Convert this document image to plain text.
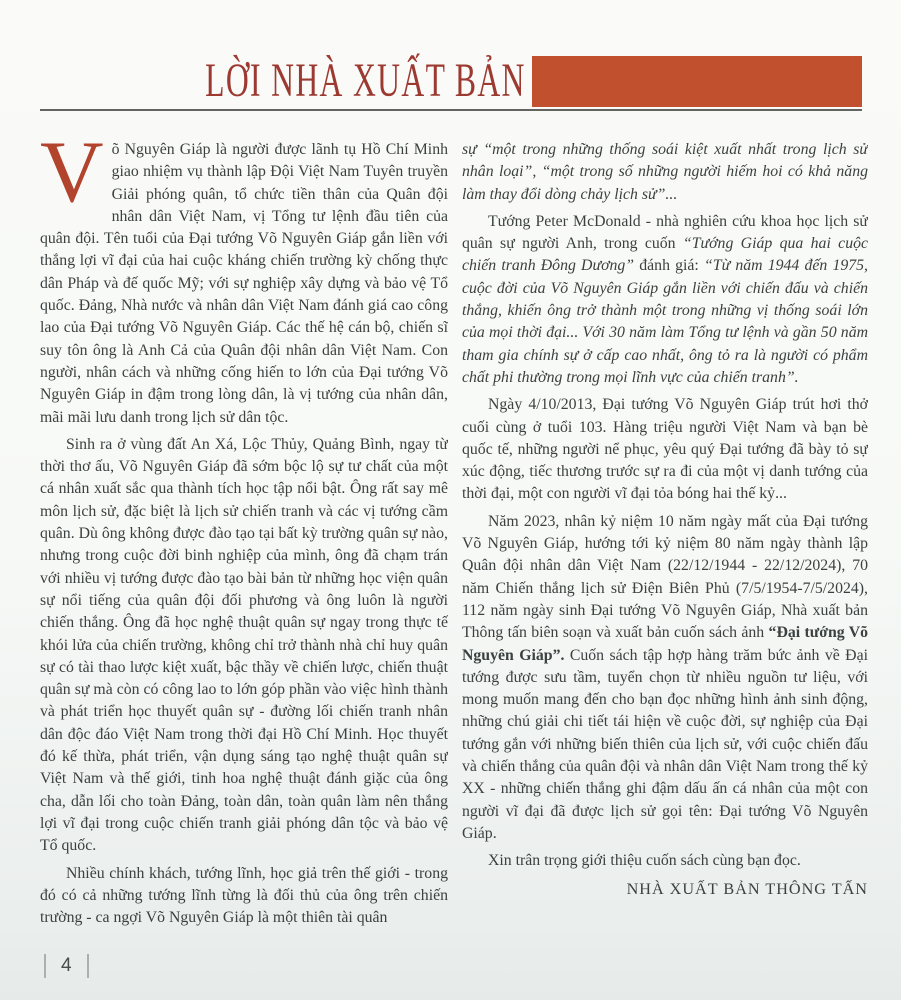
LỜI NHÀ XUẤT BẢN

Võ Nguyên Giáp là người được lãnh tụ Hồ Chí Minh giao nhiệm vụ thành lập Đội Việt Nam Tuyên truyền Giải phóng quân, tổ chức tiền thân của Quân đội nhân dân Việt Nam, vị Tổng tư lệnh đầu tiên của quân đội. Tên tuổi của Đại tướng Võ Nguyên Giáp gắn liền với thắng lợi vĩ đại của hai cuộc kháng chiến trường kỳ chống thực dân Pháp và đế quốc Mỹ; với sự nghiệp xây dựng và bảo vệ Tổ quốc. Đảng, Nhà nước và nhân dân Việt Nam đánh giá cao công lao của Đại tướng Võ Nguyên Giáp. Các thế hệ cán bộ, chiến sĩ suy tôn ông là Anh Cả của Quân đội nhân dân Việt Nam. Con người, nhân cách và những cống hiến to lớn của Đại tướng Võ Nguyên Giáp in đậm trong lòng dân, là vị tướng của nhân dân, mãi mãi lưu danh trong lịch sử dân tộc.

Sinh ra ở vùng đất An Xá, Lộc Thủy, Quảng Bình, ngay từ thời thơ ấu, Võ Nguyên Giáp đã sớm bộc lộ sự tư chất của một cá nhân xuất sắc qua thành tích học tập nổi bật. Ông rất say mê môn lịch sử, đặc biệt là lịch sử chiến tranh và các vị tướng cầm quân. Dù ông không được đào tạo tại bất kỳ trường quân sự nào, nhưng trong cuộc đời binh nghiệp của mình, ông đã chạm trán với nhiều vị tướng được đào tạo bài bản từ những học viện quân sự nổi tiếng của quân đội đối phương và ông luôn là người chiến thắng. Ông đã học nghệ thuật quân sự ngay trong thực tế khói lửa của chiến trường, không chỉ trở thành nhà chỉ huy quân sự có tài thao lược kiệt xuất, bậc thầy về chiến lược, chiến thuật quân sự mà còn có công lao to lớn góp phần vào việc hình thành và phát triển học thuyết quân sự - đường lối chiến tranh nhân dân độc đáo Việt Nam trong thời đại Hồ Chí Minh. Học thuyết đó kế thừa, phát triển, vận dụng sáng tạo nghệ thuật quân sự Việt Nam và thế giới, tinh hoa nghệ thuật đánh giặc của ông cha, dẫn lối cho toàn Đảng, toàn dân, toàn quân làm nên thắng lợi vĩ đại trong cuộc chiến tranh giải phóng dân tộc và bảo vệ Tổ quốc.

Nhiều chính khách, tướng lĩnh, học giả trên thế giới - trong đó có cả những tướng lĩnh từng là đối thủ của ông trên chiến trường - ca ngợi Võ Nguyên Giáp là một thiên tài quân

sự “một trong những thống soái kiệt xuất nhất trong lịch sử nhân loại”, “một trong số những người hiếm hoi có khả năng làm thay đổi dòng chảy lịch sử”...

Tướng Peter McDonald - nhà nghiên cứu khoa học lịch sử quân sự người Anh, trong cuốn “Tướng Giáp qua hai cuộc chiến tranh Đông Dương” đánh giá: “Từ năm 1944 đến 1975, cuộc đời của Võ Nguyên Giáp gắn liền với chiến đấu và chiến thắng, khiến ông trở thành một trong những vị thống soái lớn của mọi thời đại... Với 30 năm làm Tổng tư lệnh và gần 50 năm tham gia chính sự ở cấp cao nhất, ông tỏ ra là người có phẩm chất phi thường trong mọi lĩnh vực của chiến tranh”.

Ngày 4/10/2013, Đại tướng Võ Nguyên Giáp trút hơi thở cuối cùng ở tuổi 103. Hàng triệu người Việt Nam và bạn bè quốc tế, những người nể phục, yêu quý Đại tướng đã bày tỏ sự xúc động, tiếc thương trước sự ra đi của một vị danh tướng của thời đại, một con người vĩ đại tỏa bóng hai thế kỷ...

Năm 2023, nhân kỷ niệm 10 năm ngày mất của Đại tướng Võ Nguyên Giáp, hướng tới kỷ niệm 80 năm ngày thành lập Quân đội nhân dân Việt Nam (22/12/1944 - 22/12/2024), 70 năm Chiến thắng lịch sử Điện Biên Phủ (7/5/1954-7/5/2024), 112 năm ngày sinh Đại tướng Võ Nguyên Giáp, Nhà xuất bản Thông tấn biên soạn và xuất bản cuốn sách ảnh “Đại tướng Võ Nguyên Giáp”. Cuốn sách tập hợp hàng trăm bức ảnh về Đại tướng được sưu tầm, tuyển chọn từ nhiều nguồn tư liệu, với mong muốn mang đến cho bạn đọc những hình ảnh sinh động, những chú giải chi tiết tái hiện về cuộc đời, sự nghiệp của Đại tướng gắn với những biến thiên của lịch sử, với cuộc chiến đấu và chiến thắng của quân đội và nhân dân Việt Nam trong thế kỷ XX - những chiến thắng ghi đậm dấu ấn cá nhân của một con người vĩ đại đã được lịch sử gọi tên: Đại tướng Võ Nguyên Giáp.

Xin trân trọng giới thiệu cuốn sách cùng bạn đọc.

NHÀ XUẤT BẢN THÔNG TẤN

4
